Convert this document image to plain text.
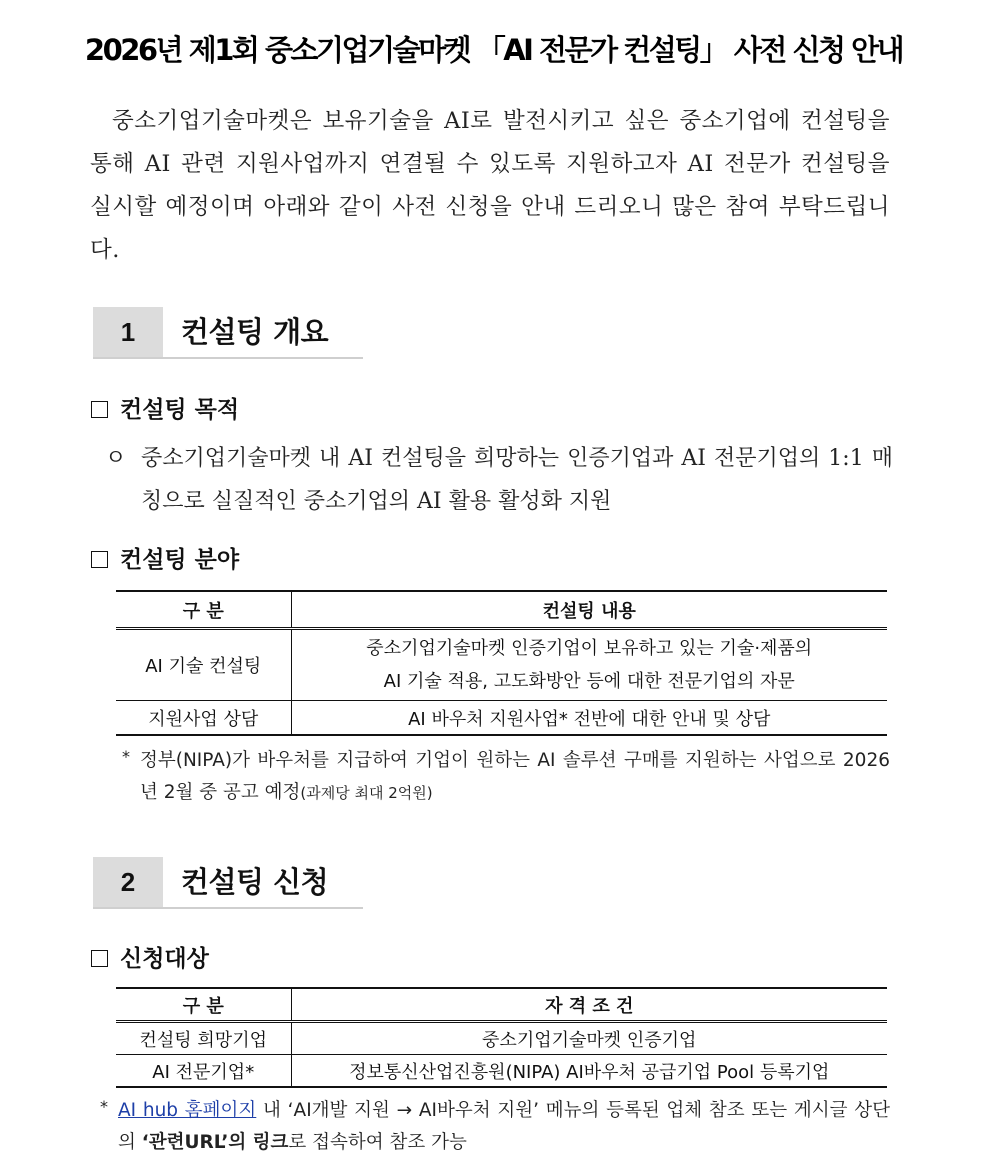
2026년 제1회 중소기업기술마켓 「AI 전문가 컨설팅」 사전 신청 안내
중소기업기술마켓은 보유기술을 AI로 발전시키고 싶은 중소기업에 컨설팅을 통해 AI 관련 지원사업까지 연결될 수 있도록 지원하고자 AI 전문가 컨설팅을 실시할 예정이며 아래와 같이 사전 신청을 안내 드리오니 많은 참여 부탁드립니다.
1	컨설팅 개요
컨설팅 목적
ㅇ 중소기업기술마켓 내 AI 컨설팅을 희망하는 인증기업과 AI 전문기업의 1:1 매칭으로 실질적인 중소기업의 AI 활용 활성화 지원
컨설팅 분야
구 분	컨설팅 내용
AI 기술 컨설팅	중소기업기술마켓 인증기업이 보유하고 있는 기술·제품의
AI 기술 적용, 고도화방안 등에 대한 전문기업의 자문

지원사업 상담	AI 바우처 지원사업* 전반에 대한 안내 및 상담
* 정부(NIPA)가 바우처를 지급하여 기업이 원하는 AI 솔루션 구매를 지원하는 사업으로 2026년 2월 중 공고 예정(과제당 최대 2억원)
2	컨설팅 신청
신청대상
구 분	자 격 조 건
컨설팅 희망기업	중소기업기술마켓 인증기업
AI 전문기업*	정보통신산업진흥원(NIPA) AI바우처 공급기업 Pool 등록기업
* AI hub 홈페이지 내 ‘AI개발 지원 → AI바우처 지원’ 메뉴의 등록된 업체 참조 또는 게시글 상단의 ‘관련URL’의 링크로 접속하여 참조 가능
